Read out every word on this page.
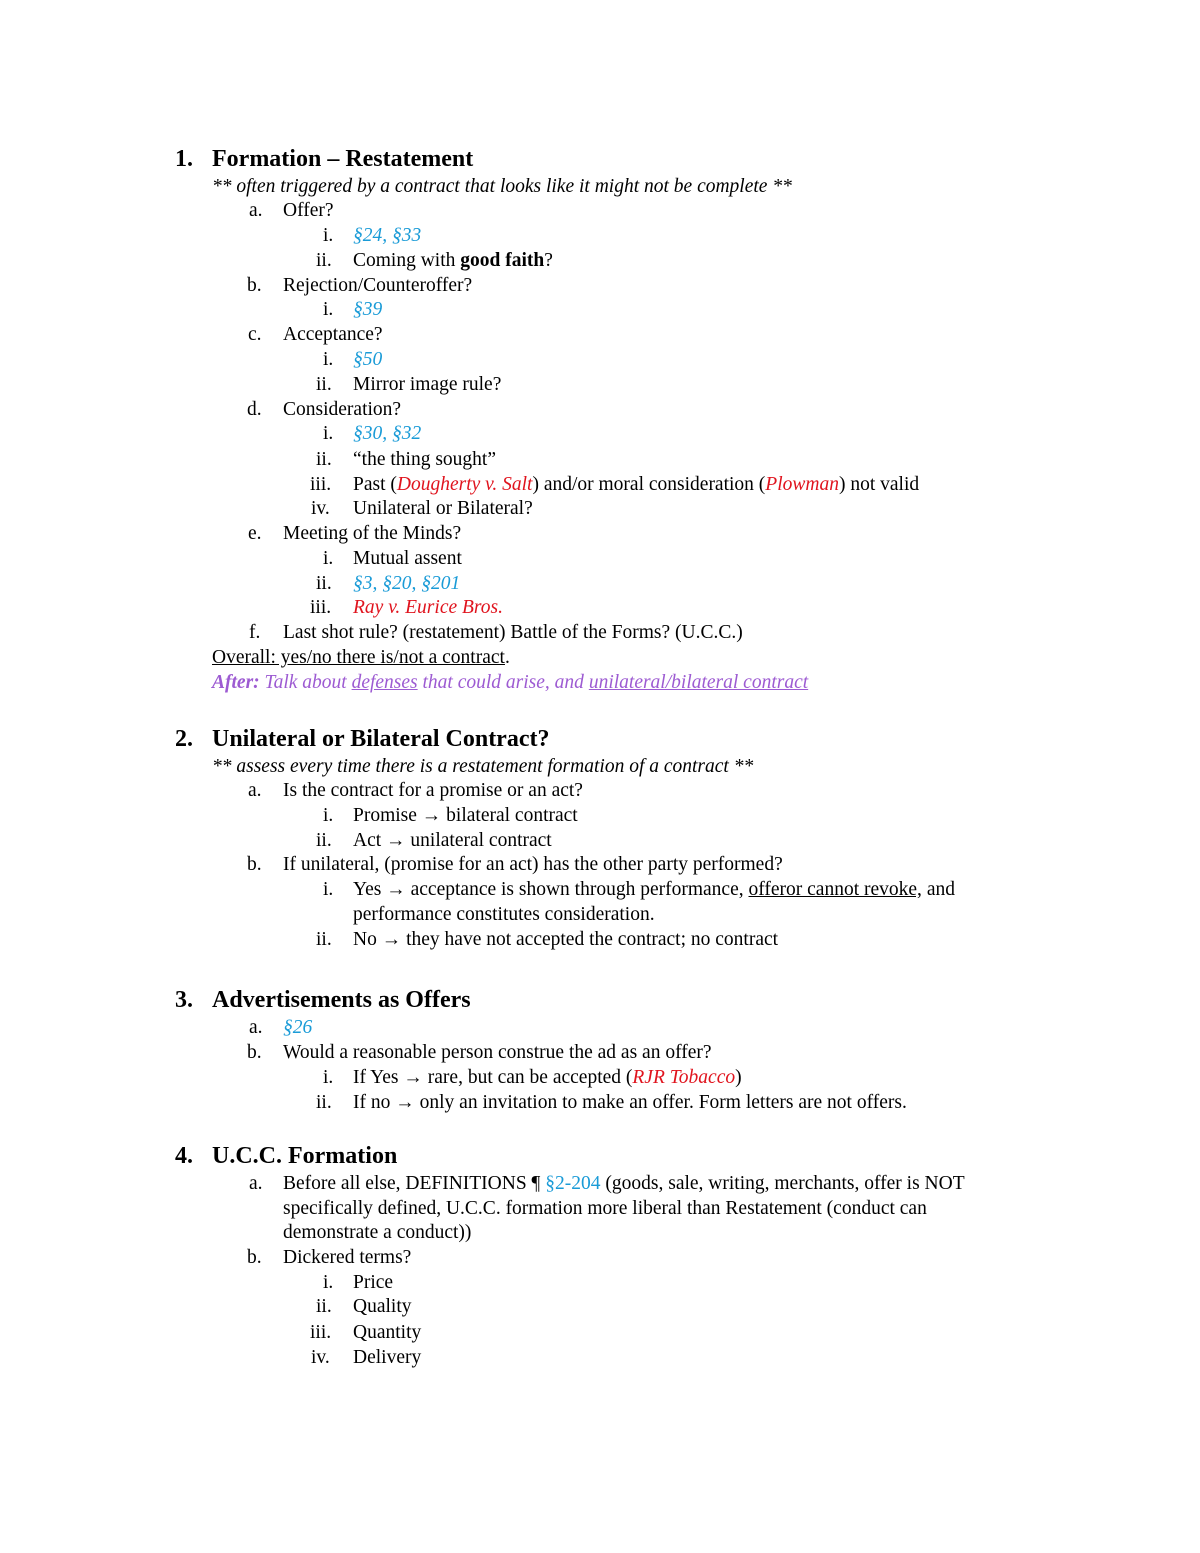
1. Formation – Restatement
** often triggered by a contract that looks like it might not be complete **
a. Offer?
i. §24, §33
ii. Coming with good faith?
b. Rejection/Counteroffer?
i. §39
c. Acceptance?
i. §50
ii. Mirror image rule?
d. Consideration?
i. §30, §32
ii. “the thing sought”
iii. Past (Dougherty v. Salt) and/or moral consideration (Plowman) not valid
iv. Unilateral or Bilateral?
e. Meeting of the Minds?
i. Mutual assent
ii. §3, §20, §201
iii. Ray v. Eurice Bros.
f. Last shot rule? (restatement) Battle of the Forms? (U.C.C.)
Overall: yes/no there is/not a contract.
After: Talk about defenses that could arise, and unilateral/bilateral contract
2. Unilateral or Bilateral Contract?
** assess every time there is a restatement formation of a contract **
a. Is the contract for a promise or an act?
i. Promise → bilateral contract
ii. Act → unilateral contract
b. If unilateral, (promise for an act) has the other party performed?
i. Yes → acceptance is shown through performance, offeror cannot revoke, and
performance constitutes consideration.
ii. No → they have not accepted the contract; no contract
3. Advertisements as Offers
a. §26
b. Would a reasonable person construe the ad as an offer?
i. If Yes → rare, but can be accepted (RJR Tobacco)
ii. If no → only an invitation to make an offer. Form letters are not offers.
4. U.C.C. Formation
a. Before all else, DEFINITIONS ¶ §2-204 (goods, sale, writing, merchants, offer is NOT
specifically defined, U.C.C. formation more liberal than Restatement (conduct can
demonstrate a conduct))
b. Dickered terms?
i. Price
ii. Quality
iii. Quantity
iv. Delivery
